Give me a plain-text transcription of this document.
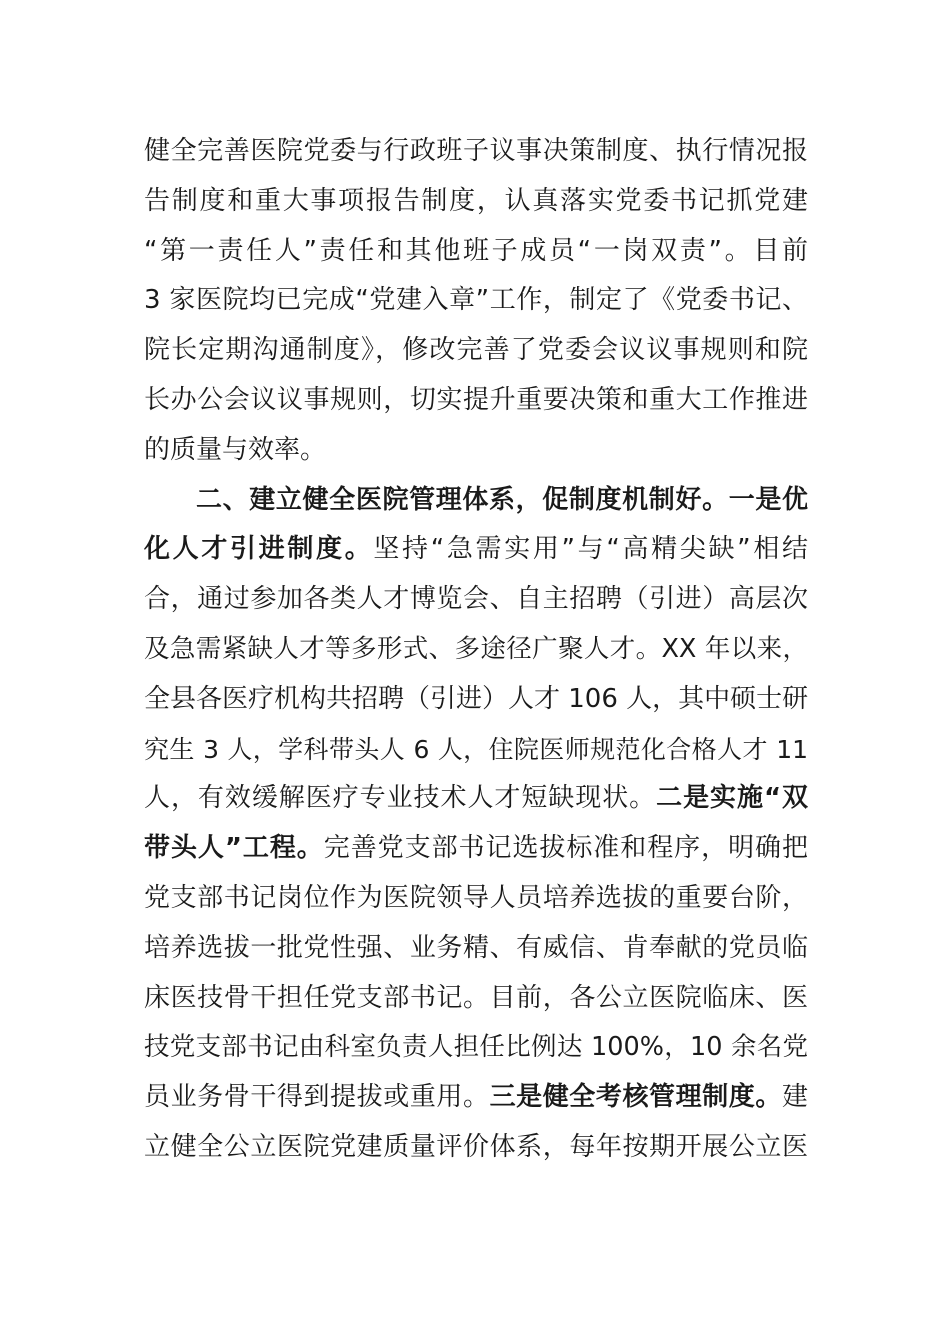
健全完善医院党委与行政班子议事决策制度、执行情况报
告制度和重大事项报告制度，认真落实党委书记抓党建
“第一责任人”责任和其他班子成员“一岗双责”。目前
3 家医院均已完成“党建入章”工作，制定了《党委书记、
院长定期沟通制度》，修改完善了党委会议议事规则和院
长办公会议议事规则，切实提升重要决策和重大工作推进
的质量与效率。
二、建立健全医院管理体系，促制度机制好。一是优
化人才引进制度。坚持“急需实用”与“高精尖缺”相结
合，通过参加各类人才博览会、自主招聘（引进）高层次
及急需紧缺人才等多形式、多途径广聚人才。XX 年以来，
全县各医疗机构共招聘（引进）人才 106 人，其中硕士研
究生 3 人，学科带头人 6 人，住院医师规范化合格人才 11
人，有效缓解医疗专业技术人才短缺现状。二是实施“双
带头人”工程。完善党支部书记选拔标准和程序，明确把
党支部书记岗位作为医院领导人员培养选拔的重要台阶，
培养选拔一批党性强、业务精、有威信、肯奉献的党员临
床医技骨干担任党支部书记。目前，各公立医院临床、医
技党支部书记由科室负责人担任比例达 100%，10 余名党
员业务骨干得到提拔或重用。三是健全考核管理制度。建
立健全公立医院党建质量评价体系，每年按期开展公立医
